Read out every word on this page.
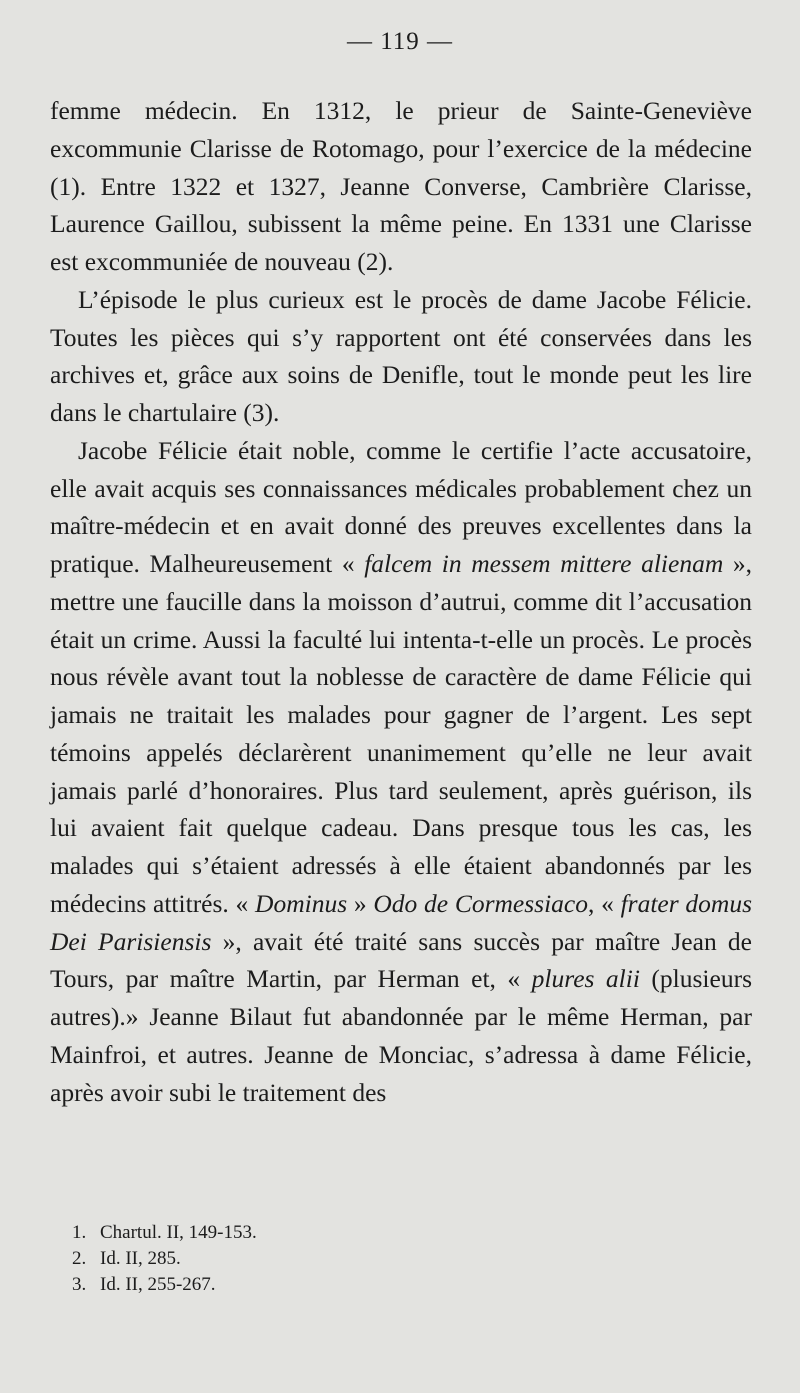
— 119 —

femme médecin. En 1312, le prieur de Sainte-Geneviève excommunie Clarisse de Rotomago, pour l’exercice de la médecine (1). Entre 1322 et 1327, Jeanne Converse, Cambrière Clarisse, Laurence Gaillou, subissent la même peine. En 1331 une Clarisse est excommuniée de nouveau (2).

L’épisode le plus curieux est le procès de dame Jacobe Félicie. Toutes les pièces qui s’y rapportent ont été conservées dans les archives et, grâce aux soins de Denifle, tout le monde peut les lire dans le chartulaire (3).

Jacobe Félicie était noble, comme le certifie l’acte accusatoire, elle avait acquis ses connaissances médicales probablement chez un maître-médecin et en avait donné des preuves excellentes dans la pratique. Malheureusement « falcem in messem mittere alienam », mettre une faucille dans la moisson d’autrui, comme dit l’accusation était un crime. Aussi la faculté lui intenta-t-elle un procès. Le procès nous révèle avant tout la noblesse de caractère de dame Félicie qui jamais ne traitait les malades pour gagner de l’argent. Les sept témoins appelés déclarèrent unanimement qu’elle ne leur avait jamais parlé d’honoraires. Plus tard seulement, après guérison, ils lui avaient fait quelque cadeau. Dans presque tous les cas, les malades qui s’étaient adressés à elle étaient abandonnés par les médecins attitrés. « Dominus » Odo de Cormessiaco, « frater domus Dei Parisiensis », avait été traité sans succès par maître Jean de Tours, par maître Martin, par Herman et, « plures alii (plusieurs autres).» Jeanne Bilaut fut abandonnée par le même Herman, par Mainfroi, et autres. Jeanne de Monciac, s’adressa à dame Félicie, après avoir subi le traitement des

1. Chartul. II, 149-153.
2. Id. II, 285.
3. Id. II, 255-267.
